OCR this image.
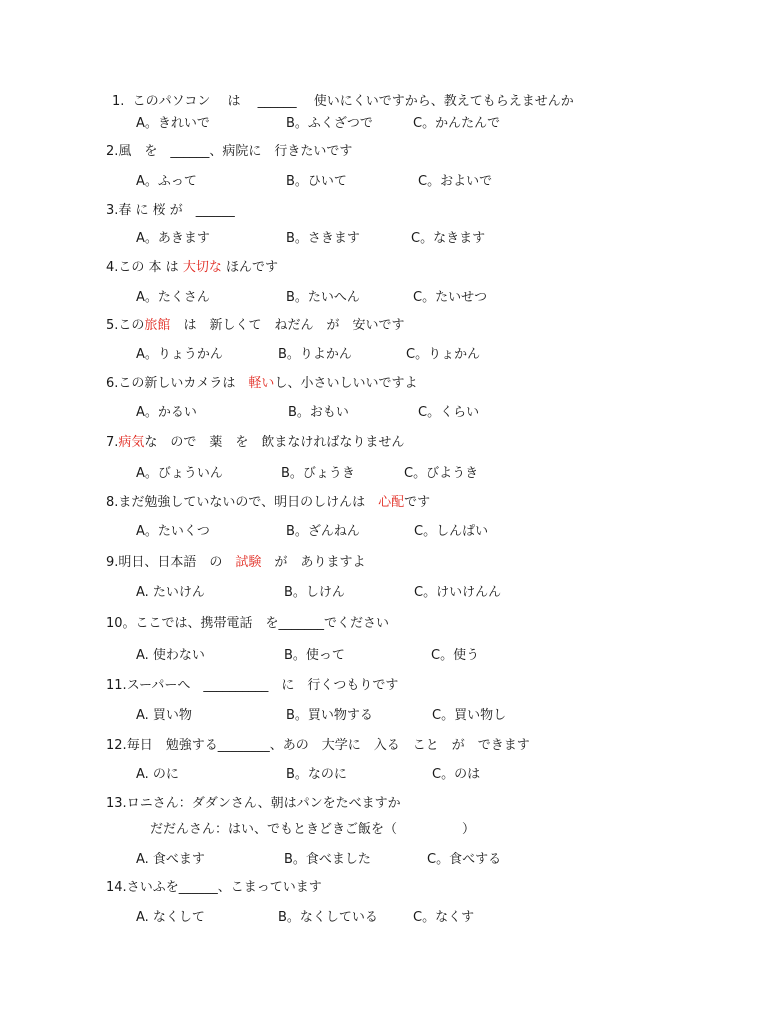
1. このパソコン　 は　 ______　 使いにくいですから、教えてもらえませんか
A。きれいで	B。ふくざつで	C。かんたんで
2.風　を　______、病院に　行きたいです
A。ふって	B。ひいて	C。およいで
3.春 に 桜 が　______
A。あきます	B。さきます	C。なきます
4.この 本 は 大切な ほんです
A。たくさん	B。たいへん	C。たいせつ
5.この旅館　は　新しくて　ねだん　が　安いです
A。りょうかん	B。りよかん	C。りょかん
6.この新しいカメラは　軽いし、小さいしいいですよ
A。かるい	B。おもい	C。くらい
7.病気な　ので　薬　を　飲まなければなりません
A。びょういん	B。びょうき	C。びようき
8.まだ勉強していないので、明日のしけんは　心配です
A。たいくつ	B。ざんねん	C。しんぱい
9.明日、日本語　の　試験　が　ありますよ
A. たいけん	B。しけん	C。けいけんん
10。ここでは、携帯電話　を_______でください
A. 使わない	B。使って	C。使う
11.スーパーへ　__________　に　行くつもりです
A. 買い物	B。買い物する	C。買い物し
12.毎日　勉強する________、あの　大学に　入る　こと　が　できます
A. のに	B。なのに	C。のは
13.ロニさん：ダダンさん、朝はパンをたべますか
だだんさん：はい、でもときどきご飯を（　　　　　）
A. 食べます	B。食べました	C。食べする
14.さいふを______、こまっています
A. なくして	B。なくしている	C。なくす
